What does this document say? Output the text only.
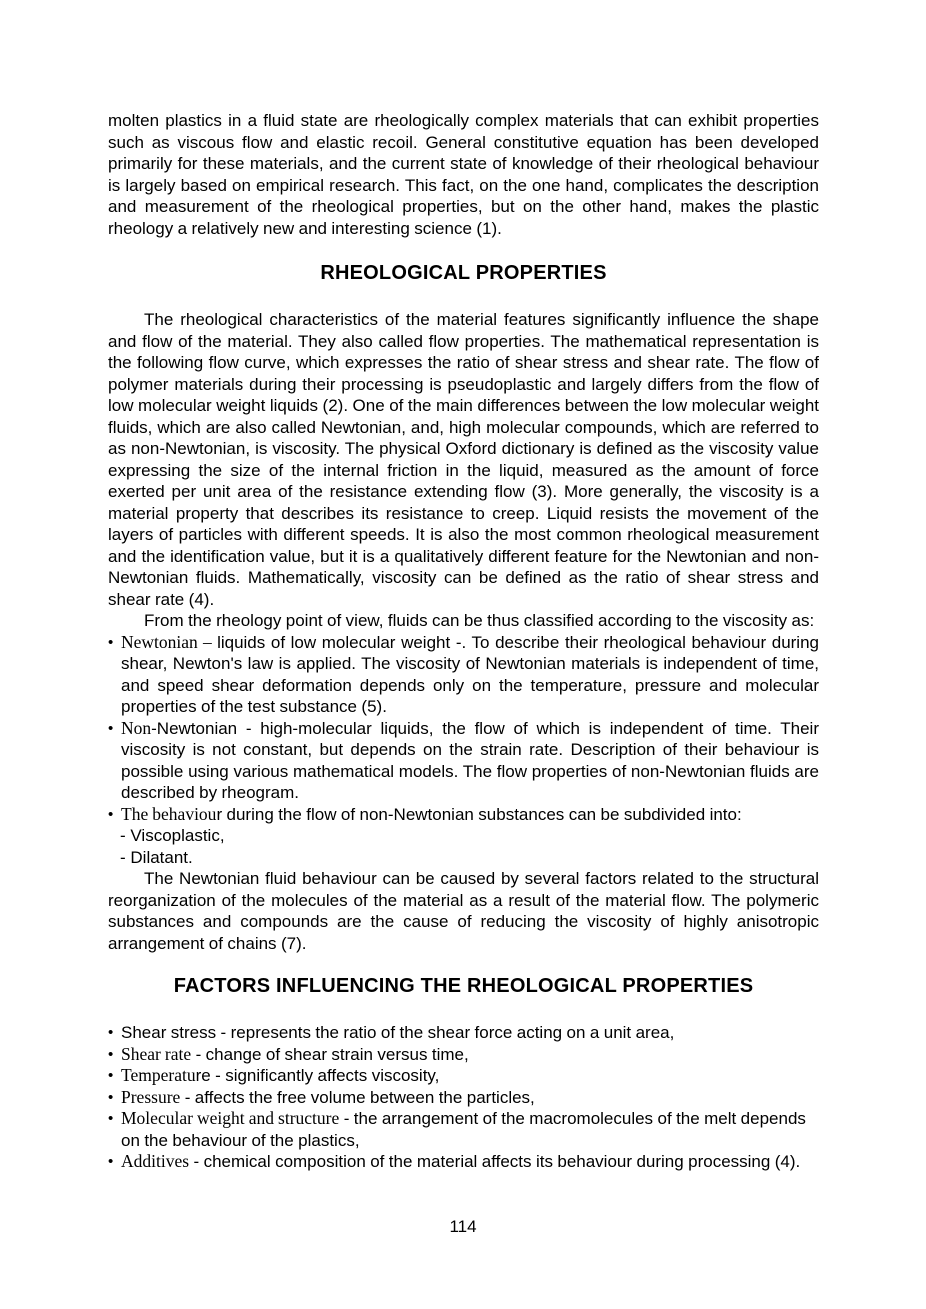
molten plastics in a fluid state are rheologically complex materials that can exhibit properties such as viscous flow and elastic recoil. General constitutive equation has been developed primarily for these materials, and the current state of knowledge of their rheological behaviour is largely based on empirical research. This fact, on the one hand, complicates the description and measurement of the rheological properties, but on the other hand, makes the plastic rheology a relatively new and interesting science (1).

RHEOLOGICAL PROPERTIES

The rheological characteristics of the material features significantly influence the shape and flow of the material. They also called flow properties. The mathematical representation is the following flow curve, which expresses the ratio of shear stress and shear rate. The flow of polymer materials during their processing is pseudoplastic and largely differs from the flow of low molecular weight liquids (2). One of the main differences between the low molecular weight fluids, which are also called Newtonian, and, high molecular compounds, which are referred to as non-Newtonian, is viscosity. The physical Oxford dictionary is defined as the viscosity value expressing the size of the internal friction in the liquid, measured as the amount of force exerted per unit area of the resistance extending flow (3). More generally, the viscosity is a material property that describes its resistance to creep. Liquid resists the movement of the layers of particles with different speeds. It is also the most common rheological measurement and the identification value, but it is a qualitatively different feature for the Newtonian and non-Newtonian fluids. Mathematically, viscosity can be defined as the ratio of shear stress and shear rate (4).

From the rheology point of view, fluids can be thus classified according to the viscosity as:

• Newtonian – liquids of low molecular weight -. To describe their rheological behaviour during shear, Newton's law is applied. The viscosity of Newtonian materials is independent of time, and speed shear deformation depends only on the temperature, pressure and molecular properties of the test substance (5).
• Non-Newtonian - high-molecular liquids, the flow of which is independent of time. Their viscosity is not constant, but depends on the strain rate. Description of their behaviour is possible using various mathematical models. The flow properties of non-Newtonian fluids are described by rheogram.
• The behaviour during the flow of non-Newtonian substances can be subdivided into:
- Viscoplastic,
- Dilatant.

The Newtonian fluid behaviour can be caused by several factors related to the structural reorganization of the molecules of the material as a result of the material flow. The polymeric substances and compounds are the cause of reducing the viscosity of highly anisotropic arrangement of chains (7).

FACTORS INFLUENCING THE RHEOLOGICAL PROPERTIES
• Shear stress - represents the ratio of the shear force acting on a unit area,
• Shear rate - change of shear strain versus time,
• Temperature - significantly affects viscosity,
• Pressure - affects the free volume between the particles,
• Molecular weight and structure - the arrangement of the macromolecules of the melt depends on the behaviour of the plastics,
• Additives - chemical composition of the material affects its behaviour during processing (4).
114
